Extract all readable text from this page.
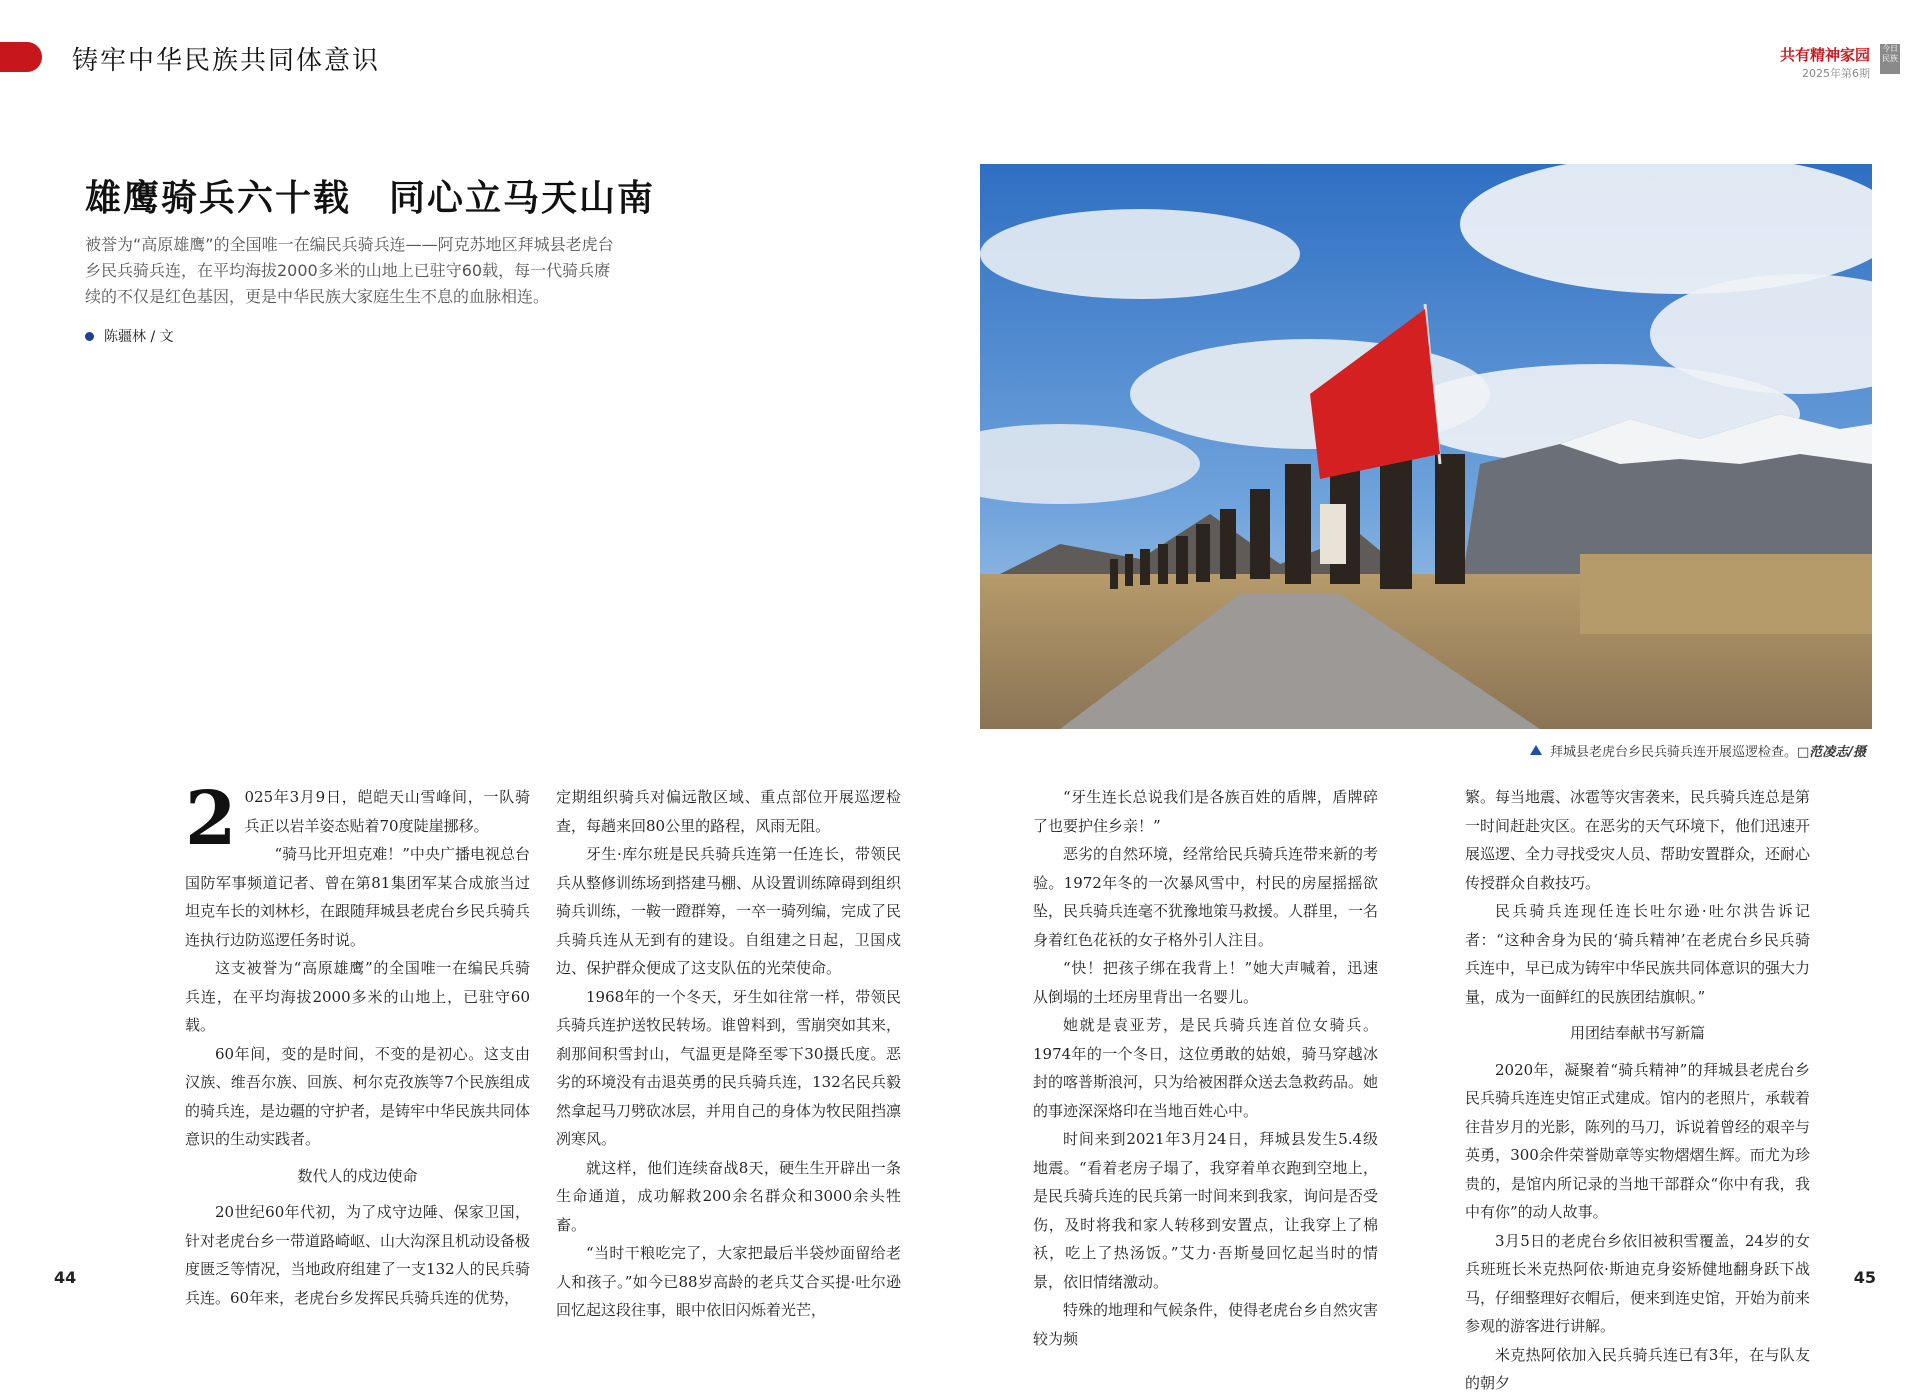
铸牢中华民族共同体意识	共有精神家园
2025年第6期
今日民族
雄鹰骑兵六十载　同心立马天山南
被誉为“高原雄鹰”的全国唯一在编民兵骑兵连——阿克苏地区拜城县老虎台乡民兵骑兵连，在平均海拔2000多米的山地上已驻守60载，每一代骑兵赓续的不仅是红色基因，更是中华民族大家庭生生不息的血脉相连。
陈疆林 / 文
拜城县老虎台乡民兵骑兵连开展巡逻检查。□范凌志/摄
2 025年3月9日，皑皑天山雪峰间，一队骑兵正以岩羊姿态贴着70度陡崖挪移。

“骑马比开坦克难！”中央广播电视总台国防军事频道记者、曾在第81集团军某合成旅当过坦克车长的刘林杉，在跟随拜城县老虎台乡民兵骑兵连执行边防巡逻任务时说。

这支被誉为“高原雄鹰”的全国唯一在编民兵骑兵连，在平均海拔2000多米的山地上，已驻守60载。

60年间，变的是时间，不变的是初心。这支由汉族、维吾尔族、回族、柯尔克孜族等7个民族组成的骑兵连，是边疆的守护者，是铸牢中华民族共同体意识的生动实践者。

数代人的戍边使命

20世纪60年代初，为了戍守边陲、保家卫国，针对老虎台乡一带道路崎岖、山大沟深且机动设备极度匮乏等情况，当地政府组建了一支132人的民兵骑兵连。60年来，老虎台乡发挥民兵骑兵连的优势，

定期组织骑兵对偏远散区域、重点部位开展巡逻检查，每趟来回80公里的路程，风雨无阻。

牙生·库尔班是民兵骑兵连第一任连长，带领民兵从整修训练场到搭建马棚、从设置训练障碍到组织骑兵训练，一鞍一蹬群筹，一卒一骑列编，完成了民兵骑兵连从无到有的建设。自组建之日起，卫国戍边、保护群众便成了这支队伍的光荣使命。

1968年的一个冬天，牙生如往常一样，带领民兵骑兵连护送牧民转场。谁曾料到，雪崩突如其来，刹那间积雪封山，气温更是降至零下30摄氏度。恶劣的环境没有击退英勇的民兵骑兵连，132名民兵毅然拿起马刀劈砍冰层，并用自己的身体为牧民阻挡凛冽寒风。

就这样，他们连续奋战8天，硬生生开辟出一条生命通道，成功解救200余名群众和3000余头牲畜。

“当时干粮吃完了，大家把最后半袋炒面留给老人和孩子。”如今已88岁高龄的老兵艾合买提·吐尔逊回忆起这段往事，眼中依旧闪烁着光芒，

“牙生连长总说我们是各族百姓的盾牌，盾牌碎了也要护住乡亲！”

恶劣的自然环境，经常给民兵骑兵连带来新的考验。1972年冬的一次暴风雪中，村民的房屋摇摇欲坠，民兵骑兵连毫不犹豫地策马救援。人群里，一名身着红色花袄的女子格外引人注目。

“快！把孩子绑在我背上！”她大声喊着，迅速从倒塌的土坯房里背出一名婴儿。

她就是袁亚芳，是民兵骑兵连首位女骑兵。1974年的一个冬日，这位勇敢的姑娘，骑马穿越冰封的喀普斯浪河，只为给被困群众送去急救药品。她的事迹深深烙印在当地百姓心中。

时间来到2021年3月24日，拜城县发生5.4级地震。“看着老房子塌了，我穿着单衣跑到空地上，是民兵骑兵连的民兵第一时间来到我家，询问是否受伤，及时将我和家人转移到安置点，让我穿上了棉袄，吃上了热汤饭。”艾力·吾斯曼回忆起当时的情景，依旧情绪激动。

特殊的地理和气候条件，使得老虎台乡自然灾害较为频

繁。每当地震、冰雹等灾害袭来，民兵骑兵连总是第一时间赶赴灾区。在恶劣的天气环境下，他们迅速开展巡逻、全力寻找受灾人员、帮助安置群众，还耐心传授群众自救技巧。

民兵骑兵连现任连长吐尔逊·吐尔洪告诉记者：“这种舍身为民的‘骑兵精神’在老虎台乡民兵骑兵连中，早已成为铸牢中华民族共同体意识的强大力量，成为一面鲜红的民族团结旗帜。”

用团结奉献书写新篇

2020年，凝聚着“骑兵精神”的拜城县老虎台乡民兵骑兵连连史馆正式建成。馆内的老照片，承载着往昔岁月的光影，陈列的马刀，诉说着曾经的艰辛与英勇，300余件荣誉勋章等实物熠熠生辉。而尤为珍贵的，是馆内所记录的当地干部群众“你中有我，我中有你”的动人故事。

3月5日的老虎台乡依旧被积雪覆盖，24岁的女兵班班长米克热阿依·斯迪克身姿矫健地翻身跃下战马，仔细整理好衣帽后，便来到连史馆，开始为前来参观的游客进行讲解。

米克热阿依加入民兵骑兵连已有3年，在与队友的朝夕

44	45
